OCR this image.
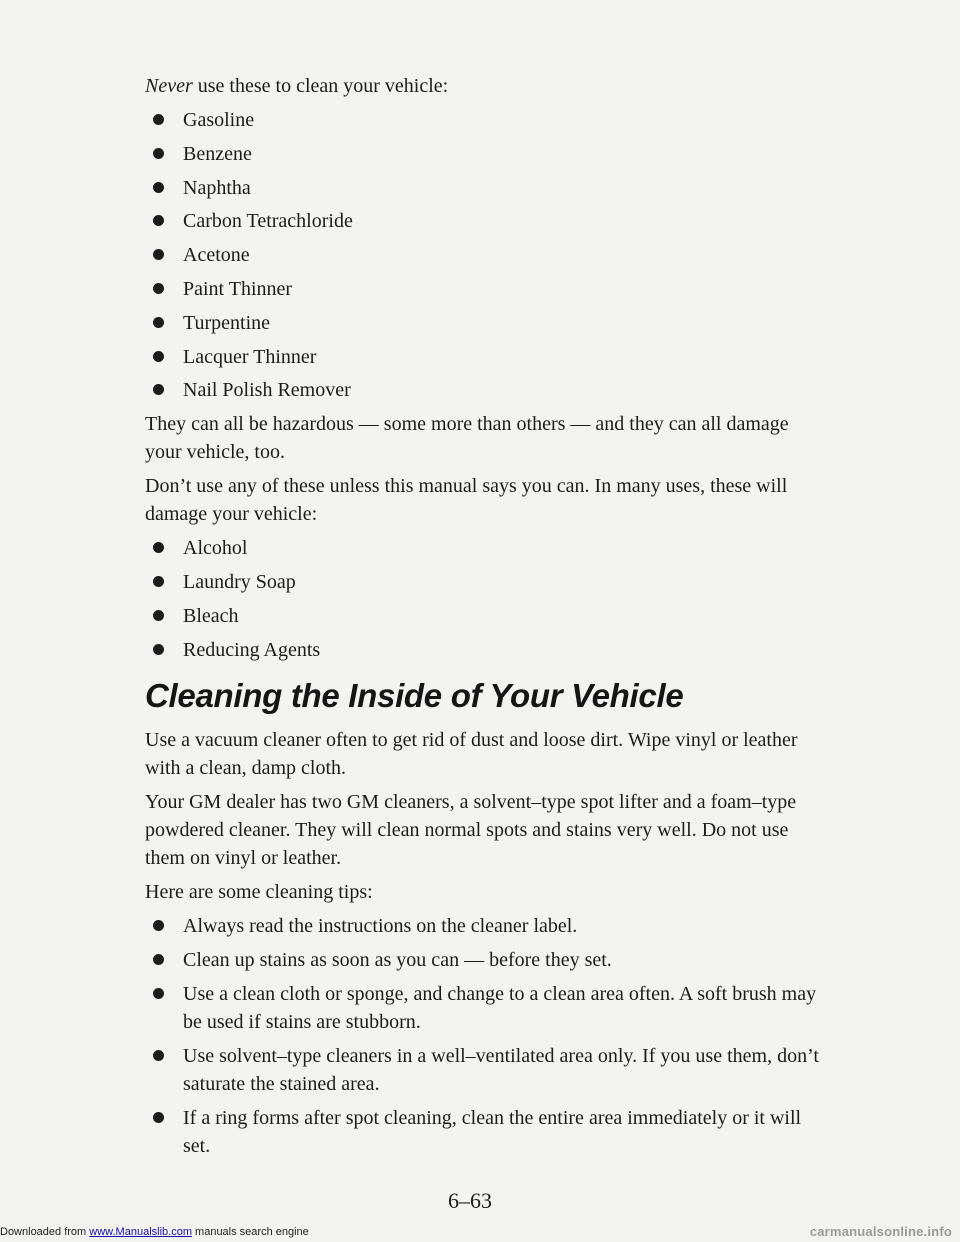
Never use these to clean your vehicle:

Gasoline
Benzene
Naphtha
Carbon Tetrachloride
Acetone
Paint Thinner
Turpentine
Lacquer Thinner
Nail Polish Remover

They can all be hazardous — some more than others — and they can all damage your vehicle, too.

Don’t use any of these unless this manual says you can. In many uses, these will damage your vehicle:

Alcohol
Laundry Soap
Bleach
Reducing Agents
Cleaning the Inside of Your Vehicle

Use a vacuum cleaner often to get rid of dust and loose dirt. Wipe vinyl or leather with a clean, damp cloth.

Your GM dealer has two GM cleaners, a solvent–type spot lifter and a foam–type powdered cleaner. They will clean normal spots and stains very well. Do not use them on vinyl or leather.

Here are some cleaning tips:

Always read the instructions on the cleaner label.
Clean up stains as soon as you can — before they set.
Use a clean cloth or sponge, and change to a clean area often. A soft brush may be used if stains are stubborn.
Use solvent–type cleaners in a well–ventilated area only. If you use them, don’t saturate the stained area.
If a ring forms after spot cleaning, clean the entire area immediately or it will set.
6–63
Downloaded from www.Manualslib.com manuals search engine	carmanualsonline.info
